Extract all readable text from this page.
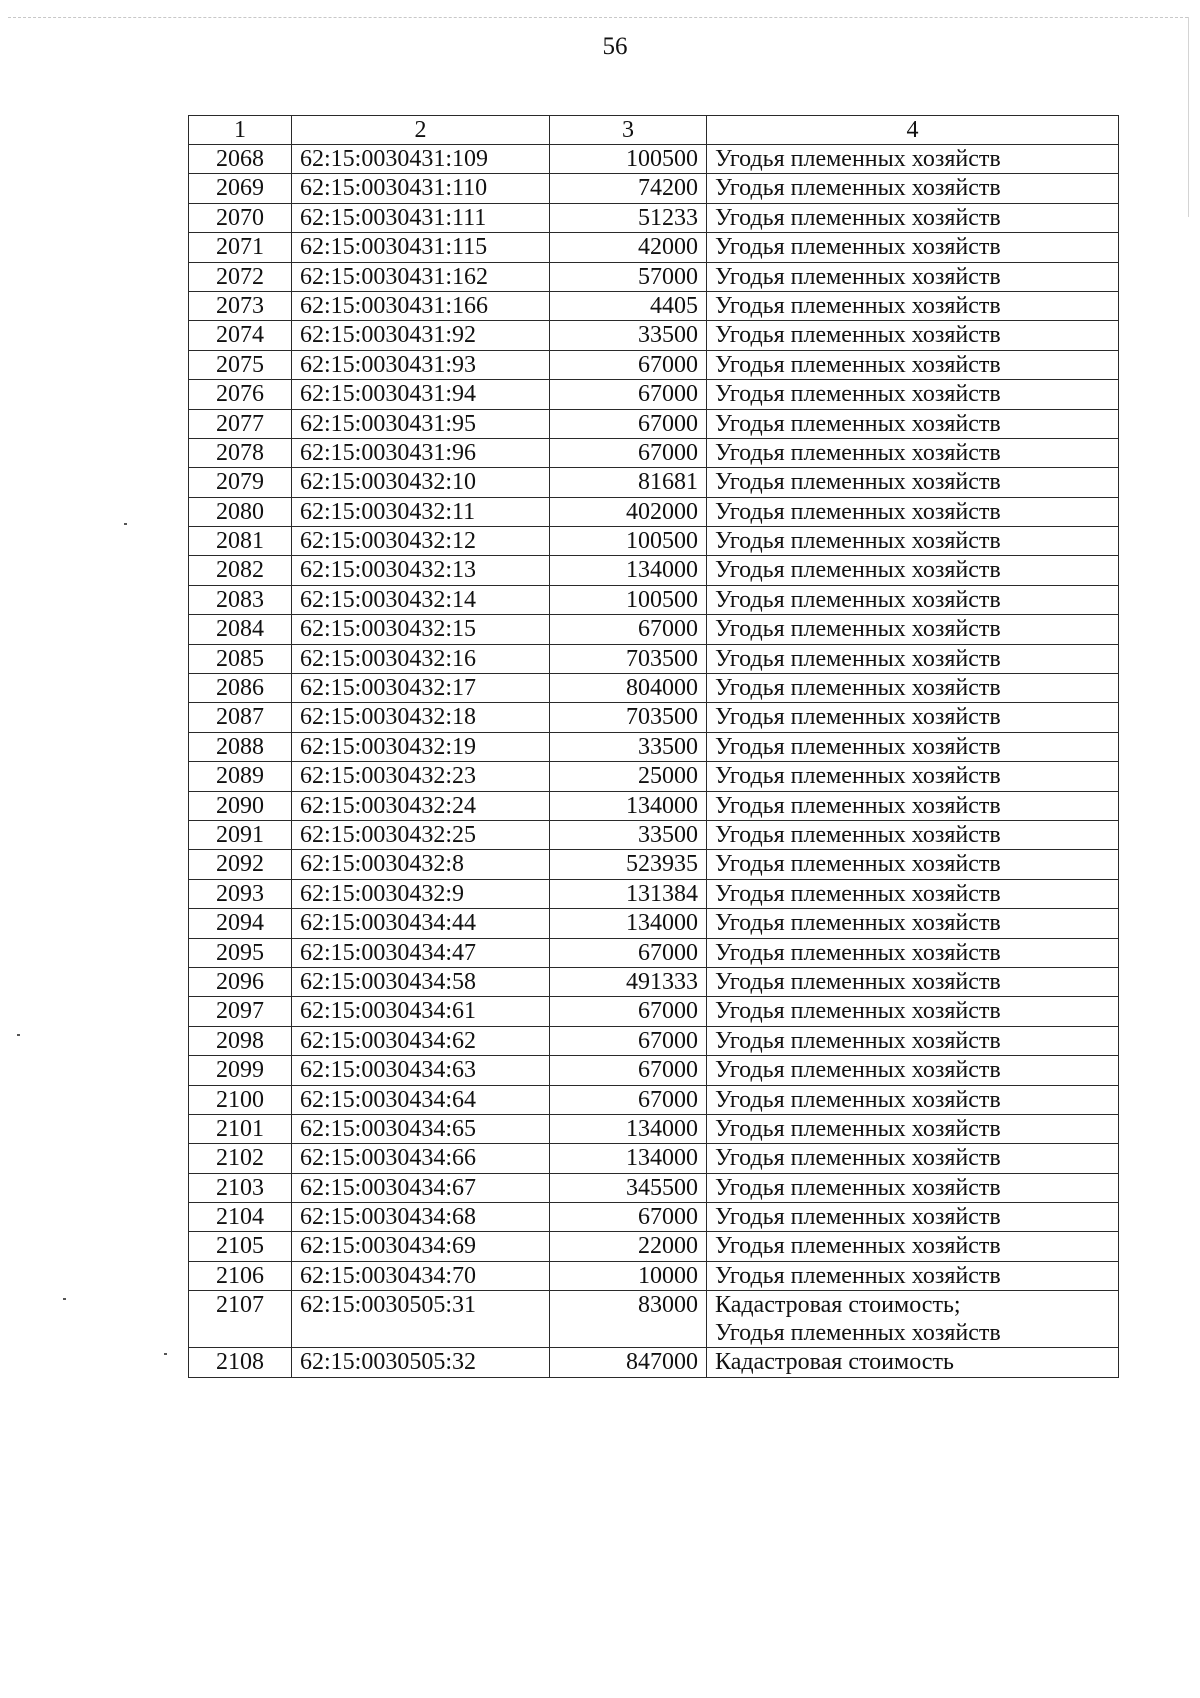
56
1	2	3	4
2068	62:15:0030431:109	100500	Угодья племенных хозяйств
2069	62:15:0030431:110	74200	Угодья племенных хозяйств
2070	62:15:0030431:111	51233	Угодья племенных хозяйств
2071	62:15:0030431:115	42000	Угодья племенных хозяйств
2072	62:15:0030431:162	57000	Угодья племенных хозяйств
2073	62:15:0030431:166	4405	Угодья племенных хозяйств
2074	62:15:0030431:92	33500	Угодья племенных хозяйств
2075	62:15:0030431:93	67000	Угодья племенных хозяйств
2076	62:15:0030431:94	67000	Угодья племенных хозяйств
2077	62:15:0030431:95	67000	Угодья племенных хозяйств
2078	62:15:0030431:96	67000	Угодья племенных хозяйств
2079	62:15:0030432:10	81681	Угодья племенных хозяйств
2080	62:15:0030432:11	402000	Угодья племенных хозяйств
2081	62:15:0030432:12	100500	Угодья племенных хозяйств
2082	62:15:0030432:13	134000	Угодья племенных хозяйств
2083	62:15:0030432:14	100500	Угодья племенных хозяйств
2084	62:15:0030432:15	67000	Угодья племенных хозяйств
2085	62:15:0030432:16	703500	Угодья племенных хозяйств
2086	62:15:0030432:17	804000	Угодья племенных хозяйств
2087	62:15:0030432:18	703500	Угодья племенных хозяйств
2088	62:15:0030432:19	33500	Угодья племенных хозяйств
2089	62:15:0030432:23	25000	Угодья племенных хозяйств
2090	62:15:0030432:24	134000	Угодья племенных хозяйств
2091	62:15:0030432:25	33500	Угодья племенных хозяйств
2092	62:15:0030432:8	523935	Угодья племенных хозяйств
2093	62:15:0030432:9	131384	Угодья племенных хозяйств
2094	62:15:0030434:44	134000	Угодья племенных хозяйств
2095	62:15:0030434:47	67000	Угодья племенных хозяйств
2096	62:15:0030434:58	491333	Угодья племенных хозяйств
2097	62:15:0030434:61	67000	Угодья племенных хозяйств
2098	62:15:0030434:62	67000	Угодья племенных хозяйств
2099	62:15:0030434:63	67000	Угодья племенных хозяйств
2100	62:15:0030434:64	67000	Угодья племенных хозяйств
2101	62:15:0030434:65	134000	Угодья племенных хозяйств
2102	62:15:0030434:66	134000	Угодья племенных хозяйств
2103	62:15:0030434:67	345500	Угодья племенных хозяйств
2104	62:15:0030434:68	67000	Угодья племенных хозяйств
2105	62:15:0030434:69	22000	Угодья племенных хозяйств
2106	62:15:0030434:70	10000	Угодья племенных хозяйств
2107	62:15:0030505:31	83000	Кадастровая стоимость;
Угодья племенных хозяйств
2108	62:15:0030505:32	847000	Кадастровая стоимость
